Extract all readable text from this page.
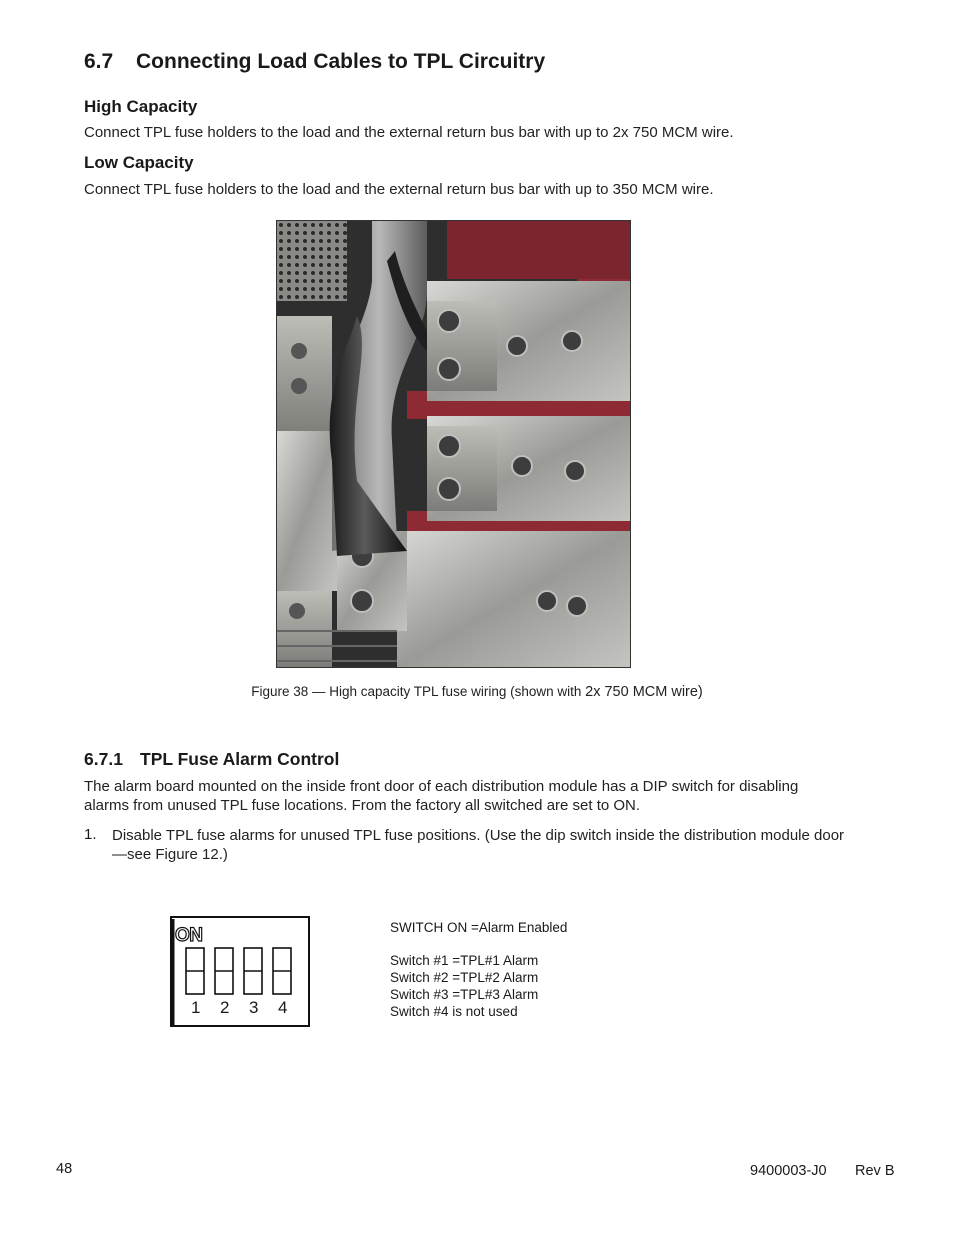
6.7 Connecting Load Cables to TPL Circuitry
High Capacity
Connect TPL fuse holders to the load and the external return bus bar with up to 2x 750 MCM wire.
Low Capacity
Connect TPL fuse holders to the load and the external return bus bar with up to 350 MCM wire.
Figure 38 — High capacity TPL fuse wiring (shown with 2x 750 MCM wire)
6.7.1 TPL Fuse Alarm Control
The alarm board mounted on the inside front door of each distribution module has a DIP switch for disabling alarms from unused TPL fuse locations. From the factory all switched are set to ON.
1. Disable TPL fuse alarms for unused TPL fuse positions. (Use the dip switch inside the distribution module door —see Figure 12.)
ON
1 2 3 4
SWITCH ON =Alarm Enabled
Switch #1 =TPL#1 Alarm
Switch #2 =TPL#2 Alarm
Switch #3 =TPL#3 Alarm
Switch #4 is not used
48	9400003-J0 Rev B
